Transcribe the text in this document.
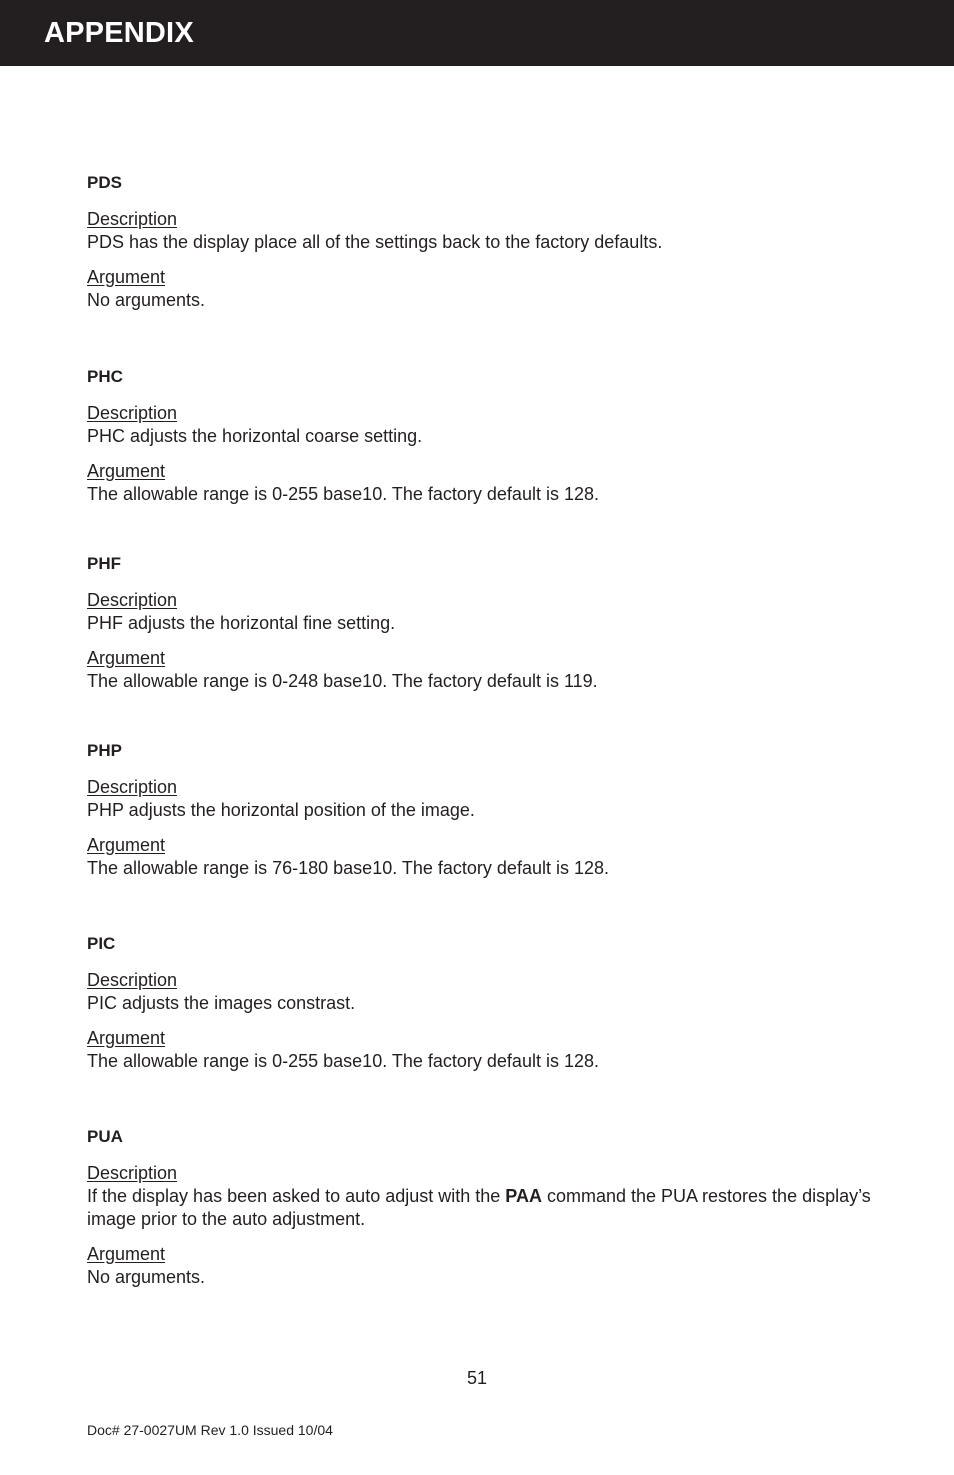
APPENDIX
PDS
Description
PDS has the display place all of the settings back to the factory defaults.
Argument
No arguments.
PHC
Description
PHC adjusts the horizontal coarse setting.
Argument
The allowable range is 0-255 base10. The factory default is 128.
PHF
Description
PHF adjusts the horizontal fine setting.
Argument
The allowable range is 0-248 base10. The factory default is 119.
PHP
Description
PHP adjusts the horizontal position of the image.
Argument
The allowable range is 76-180 base10. The factory default is 128.
PIC
Description
PIC adjusts the images constrast.
Argument
The allowable range is 0-255 base10. The factory default is 128.
PUA
Description
If the display has been asked to auto adjust with the PAA command the PUA restores the display’s image prior to the auto adjustment.
Argument
No arguments.
51
Doc# 27-0027UM Rev 1.0 Issued 10/04
